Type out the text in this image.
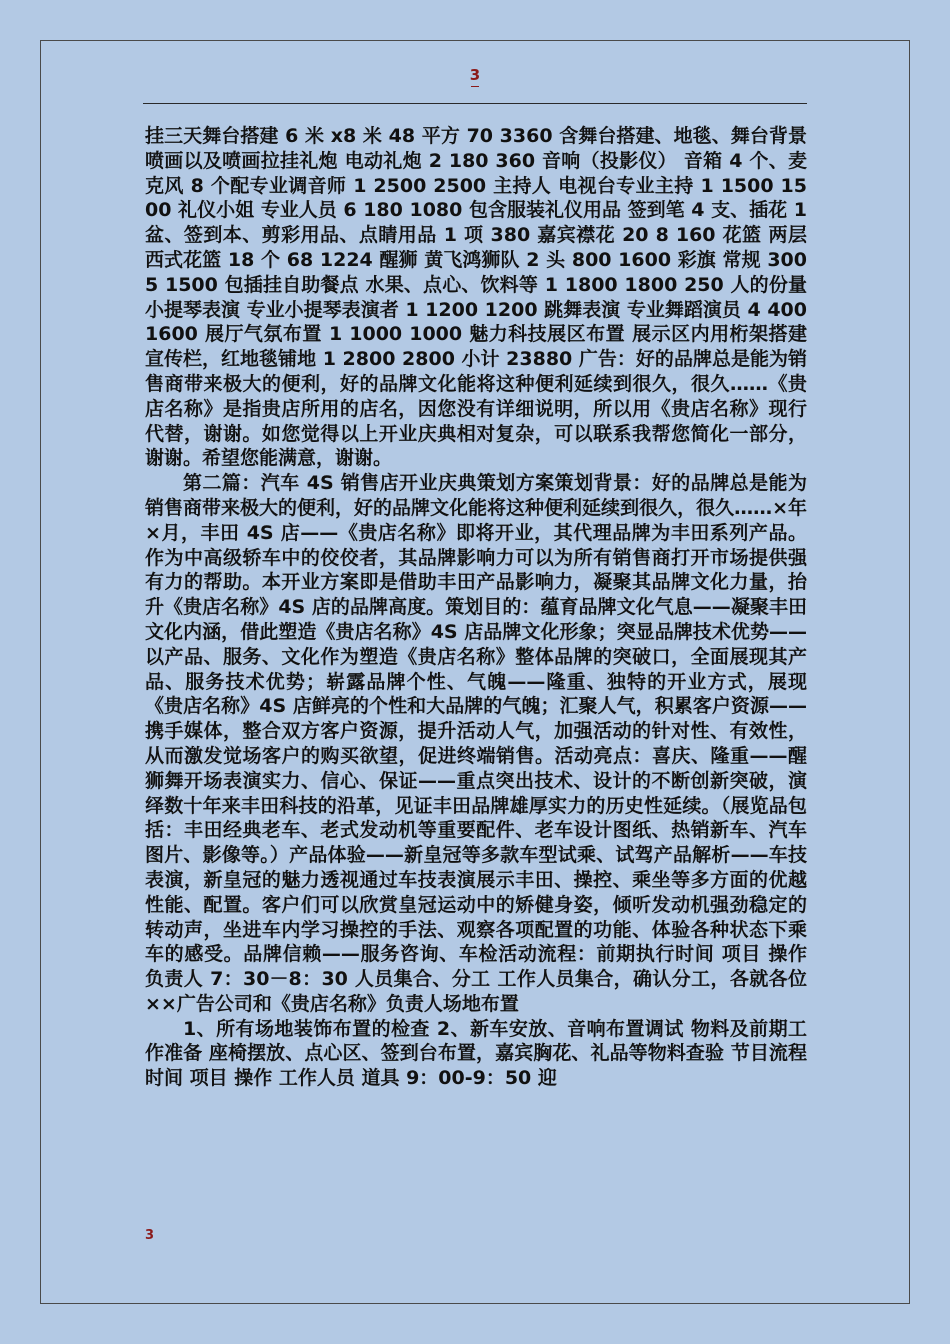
3

挂三天舞台搭建 6 米 x8 米 48 平方 70 3360 含舞台搭建、地毯、舞台背景喷画以及喷画拉挂礼炮 电动礼炮 2 180 360 音响（投影仪） 音箱 4 个、麦克风 8 个配专业调音师 1 2500 2500 主持人 电视台专业主持 1 1500 1500 礼仪小姐 专业人员 6 180 1080 包含服装礼仪用品 签到笔 4 支、插花 1 盆、签到本、剪彩用品、点睛用品 1 项 380 嘉宾襟花 20 8 160 花篮 两层西式花篮 18 个 68 1224 醒狮 黄飞鸿狮队 2 头 800 1600 彩旗 常规 300 5 1500 包插挂自助餐点 水果、点心、饮料等 1 1800 1800 250 人的份量小提琴表演 专业小提琴表演者 1 1200 1200 跳舞表演 专业舞蹈演员 4 400 1600 展厅气氛布置 1 1000 1000 魅力科技展区布置 展示区内用桁架搭建宣传栏，红地毯铺地 1 2800 2800 小计 23880 广告：好的品牌总是能为销售商带来极大的便利，好的品牌文化能将这种便利延续到很久，很久……《贵店名称》是指贵店所用的店名，因您没有详细说明，所以用《贵店名称》现行代替，谢谢。如您觉得以上开业庆典相对复杂，可以联系我帮您简化一部分，谢谢。希望您能满意，谢谢。

第二篇：汽车 4S 销售店开业庆典策划方案策划背景：好的品牌总是能为销售商带来极大的便利，好的品牌文化能将这种便利延续到很久，很久……×年×月，丰田 4S 店——《贵店名称》即将开业，其代理品牌为丰田系列产品。作为中高级轿车中的佼佼者，其品牌影响力可以为所有销售商打开市场提供强有力的帮助。本开业方案即是借助丰田产品影响力，凝聚其品牌文化力量，抬升《贵店名称》4S 店的品牌高度。策划目的：蕴育品牌文化气息——凝聚丰田文化内涵，借此塑造《贵店名称》4S 店品牌文化形象；突显品牌技术优势——以产品、服务、文化作为塑造《贵店名称》整体品牌的突破口，全面展现其产品、服务技术优势；崭露品牌个性、气魄——隆重、独特的开业方式，展现《贵店名称》4S 店鲜亮的个性和大品牌的气魄；汇聚人气，积累客户资源——携手媒体，整合双方客户资源，提升活动人气，加强活动的针对性、有效性，从而激发觉场客户的购买欲望，促进终端销售。活动亮点：喜庆、隆重——醒狮舞开场表演实力、信心、保证——重点突出技术、设计的不断创新突破，演绎数十年来丰田科技的沿革，见证丰田品牌雄厚实力的历史性延续。（展览品包括：丰田经典老车、老式发动机等重要配件、老车设计图纸、热销新车、汽车图片、影像等。）产品体验——新皇冠等多款车型试乘、试驾产品解析——车技表演，新皇冠的魅力透视通过车技表演展示丰田、操控、乘坐等多方面的优越性能、配置。客户们可以欣赏皇冠运动中的矫健身姿，倾听发动机强劲稳定的转动声，坐进车内学习操控的手法、观察各项配置的功能、体验各种状态下乘车的感受。品牌信赖——服务咨询、车检活动流程：前期执行时间 项目 操作 负责人 7：30－8：30 人员集合、分工 工作人员集合，确认分工，各就各位 ××广告公司和《贵店名称》负责人场地布置

1、所有场地装饰布置的检查 2、新车安放、音响布置调试 物料及前期工作准备 座椅摆放、点心区、签到台布置，嘉宾胸花、礼品等物料查验 节目流程时间 项目 操作 工作人员 道具 9：00-9：50 迎

3
